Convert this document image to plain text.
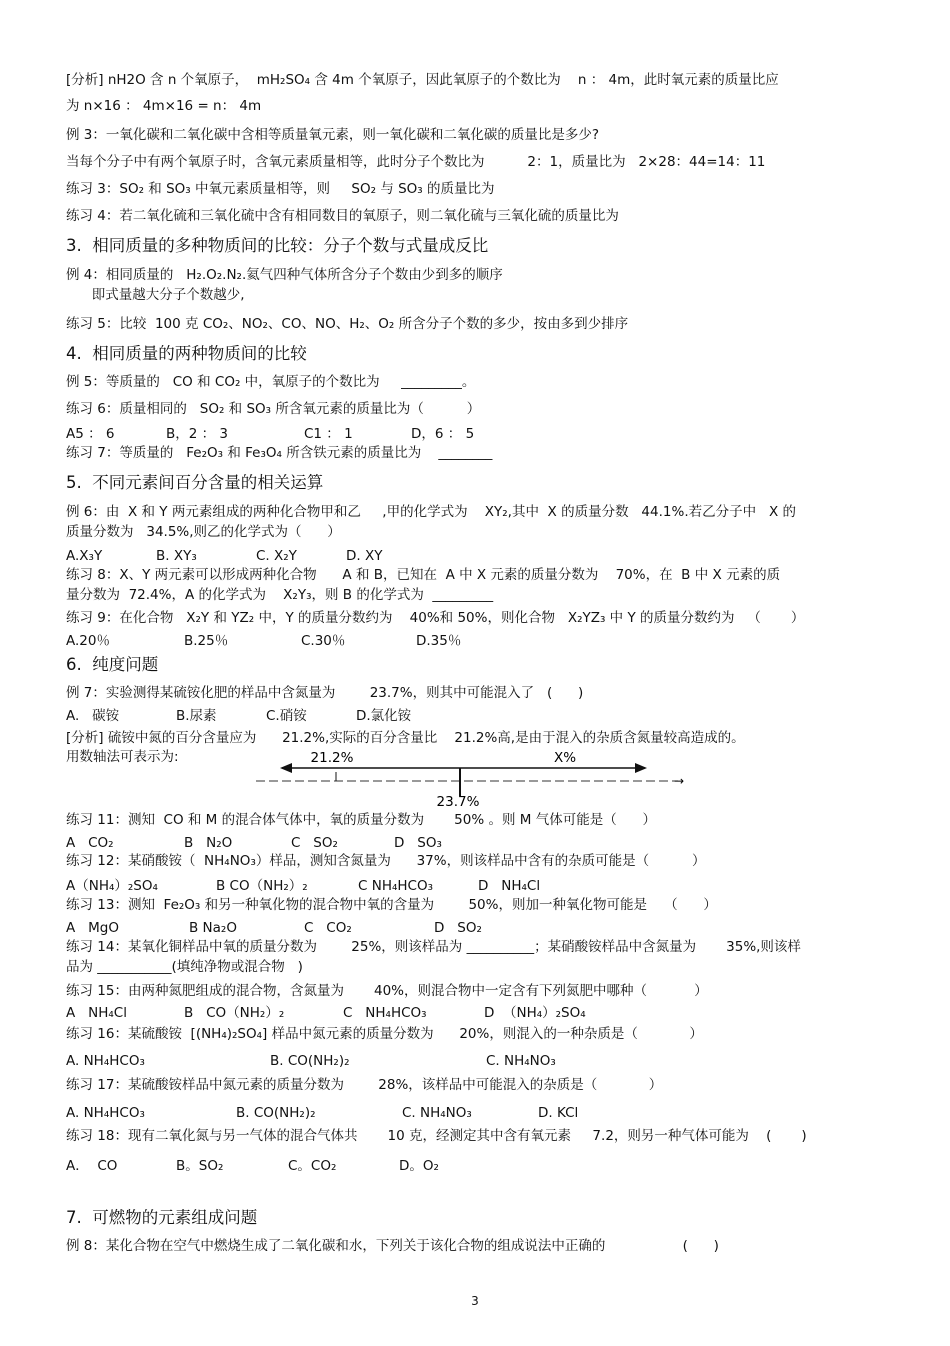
[分析] nH2O 含 n 个氧原子，  mH₂SO₄ 含 4m 个氧原子，因此氧原子的个数比为    n ： 4m，此时氧元素的质量比应
为 n×16 ： 4m×16 = n： 4m
例 3：一氧化碳和二氧化碳中含相等质量氧元素，则一氧化碳和二氧化碳的质量比是多少?
当每个分子中有两个氧原子时，含氧元素质量相等，此时分子个数比为          2：1，质量比为   2×28：44=14：11
练习 3：SO₂ 和 SO₃ 中氧元素质量相等，则     SO₂ 与 SO₃ 的质量比为
练习 4：若二氧化硫和三氧化硫中含有相同数目的氧原子，则二氧化硫与三氧化硫的质量比为
3.  相同质量的多种物质间的比较：分子个数与式量成反比
例 4：相同质量的   H₂.O₂.N₂.氦气四种气体所含分子个数由少到多的顺序
即式量越大分子个数越少,
练习 5：比较  100 克 CO₂、NO₂、CO、NO、H₂、O₂ 所含分子个数的多少，按由多到少排序
4.  相同质量的两种物质间的比较
例 5：等质量的   CO 和 CO₂ 中，氧原子的个数比为     _________。
练习 6：质量相同的   SO₂ 和 SO₃ 所含氧元素的质量比为（          ）
A5 ： 6	B，2 ： 3	C1 ： 1	D，6 ： 5
练习 7：等质量的   Fe₂O₃ 和 Fe₃O₄ 所含铁元素的质量比为    ________
5.  不同元素间百分含量的相关运算
例 6：由  X 和 Y 两元素组成的两种化合物甲和乙     ,甲的化学式为    XY₂,其中  X 的质量分数   44.1%.若乙分子中   X 的
质量分数为   34.5%,则乙的化学式为（      ）
A.X₃Y	B. XY₃	C. X₂Y	D. XY
练习 8：X、Y 两元素可以形成两种化合物      A 和 B，已知在  A 中 X 元素的质量分数为    70%，在  B 中 X 元素的质
量分数为  72.4%，A 的化学式为    X₂Y₃，则 B 的化学式为  _________
练习 9：在化合物   X₂Y 和 YZ₂ 中，Y 的质量分数约为    40%和 50%，则化合物   X₂YZ₃ 中 Y 的质量分数约为   （       ）
A.20％	B.25％	C.30％	D.35％
6.  纯度问题
例 7：实验测得某硫铵化肥的样品中含氮量为        23.7%，则其中可能混入了   (      )
A.   碳铵	B.尿素	C.硝铵	D.氯化铵
[分析] 硫铵中氮的百分含量应为      21.2%,实际的百分含量比    21.2%高,是由于混入的杂质含氮量较高造成的。
用数轴法可表示为:	21.2%	X%
→
23.7%
练习 11：测知  CO 和 M 的混合体气体中，氧的质量分数为       50% 。则 M 气体可能是（      ）
A   CO₂	B   N₂O	C   SO₂	D   SO₃
练习 12：某硝酸铵（  NH₄NO₃）样品，测知含氮量为      37%，则该样品中含有的杂质可能是（          ）
A（NH₄）₂SO₄	B CO（NH₂）₂	C NH₄HCO₃	D   NH₄Cl
练习 13：测知  Fe₂O₃ 和另一种氧化物的混合物中氧的含量为        50%，则加一种氧化物可能是    （      ）
A   MgO	B Na₂O	C   CO₂	D   SO₂
练习 14：某氧化铜样品中氧的质量分数为        25%，则该样品为 __________；某硝酸铵样品中含氮量为       35%,则该样
品为 ___________(填纯净物或混合物   )
练习 15：由两种氮肥组成的混合物，含氮量为       40%，则混合物中一定含有下列氮肥中哪种（           ）
A   NH₄Cl	B   CO（NH₂）₂	C   NH₄HCO₃	D  （NH₄）₂SO₄
练习 16：某硫酸铵  [(NH₄)₂SO₄] 样品中氮元素的质量分数为      20%，则混入的一种杂质是（            ）
A. NH₄HCO₃	B. CO(NH₂)₂	C. NH₄NO₃
练习 17：某硫酸铵样品中氮元素的质量分数为        28%，该样品中可能混入的杂质是（            ）
A. NH₄HCO₃	B. CO(NH₂)₂	C. NH₄NO₃	D. KCl
练习 18：现有二氧化氮与另一气体的混合气体共       10 克，经测定其中含有氧元素     7.2，则另一种气体可能为    (       )
A．  CO	B。SO₂	C。CO₂	D。O₂
7.  可燃物的元素组成问题
例 8：某化合物在空气中燃烧生成了二氧化碳和水，下列关于该化合物的组成说法中正确的                  (      )
3
